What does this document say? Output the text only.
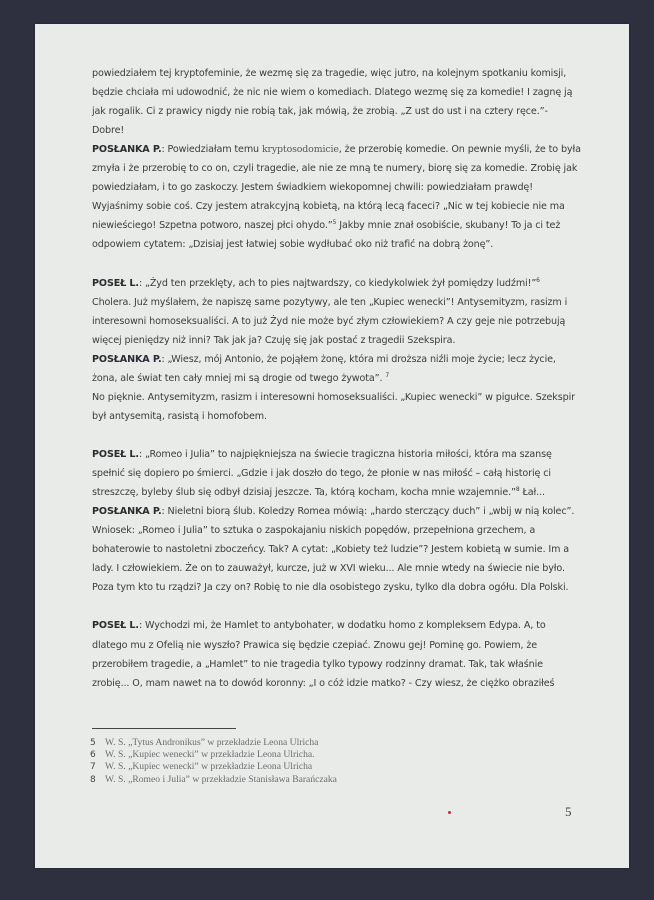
powiedziałem tej kryptofeminie, że wezmę się za tragedie, więc jutro, na kolejnym spotkaniu komisji,
będzie chciała mi udowodnić, że nic nie wiem o komediach. Dlatego wezmę się za komedie! I zagnę ją
jak rogalik. Ci z prawicy nigdy nie robią tak, jak mówią, że zrobią. „Z ust do ust i na cztery ręce.”-
Dobre!
POSŁANKA P.: Powiedziałam temu kryptosodomicie, że przerobię komedie. On pewnie myśli, że to była
zmyła i że przerobię to co on, czyli tragedie, ale nie ze mną te numery, biorę się za komedie. Zrobię jak
powiedziałam, i to go zaskoczy. Jestem świadkiem wiekopomnej chwili: powiedziałam prawdę!
Wyjaśnimy sobie coś. Czy jestem atrakcyjną kobietą, na którą lecą faceci? „Nic w tej kobiecie nie ma
niewieściego! Szpetna potworo, naszej płci ohydo.”$^5$ Jakby mnie znał osobiście, skubany! To ja ci też
odpowiem cytatem: „Dzisiaj jest łatwiej sobie wydłubać oko niż trafić na dobrą żonę”.
POSEŁ L.: „Żyd ten przeklęty, ach to pies najtwardszy, co kiedykolwiek żył pomiędzy ludźmi!”$^6$
Cholera. Już myślałem, że napiszę same pozytywy, ale ten „Kupiec wenecki”! Antysemityzm, rasizm i
interesowni homoseksualiści. A to już Żyd nie może być złym człowiekiem? A czy geje nie potrzebują
więcej pieniędzy niż inni? Tak jak ja? Czuję się jak postać z tragedii Szekspira.
POSŁANKA P.: „Wiesz, mój Antonio, że pojąłem żonę, która mi droższa niźli moje życie; lecz życie,
żona, ale świat ten cały mniej mi są drogie od twego żywota”. $^7$
No pięknie. Antysemityzm, rasizm i interesowni homoseksualiści. „Kupiec wenecki” w pigułce. Szekspir
był antysemitą, rasistą i homofobem.
POSEŁ L.: „Romeo i Julia” to najpiękniejsza na świecie tragiczna historia miłości, która ma szansę
spełnić się dopiero po śmierci. „Gdzie i jak doszło do tego, że płonie w nas miłość – całą historię ci
streszczę, byleby ślub się odbył dzisiaj jeszcze. Ta, którą kocham, kocha mnie wzajemnie.”$^8$ Łał...
POSŁANKA P.: Nieletni biorą ślub. Koledzy Romea mówią: „hardo sterczący duch” i „wbij w nią kolec”.
Wniosek: „Romeo i Julia” to sztuka o zaspokajaniu niskich popędów, przepełniona grzechem, a
bohaterowie to nastoletni zboczeńcy. Tak? A cytat: „Kobiety też ludzie”? Jestem kobietą w sumie. Im a
lady. I człowiekiem. Że on to zauważył, kurcze, już w XVI wieku... Ale mnie wtedy na świecie nie było.
Poza tym kto tu rządzi? Ja czy on? Robię to nie dla osobistego zysku, tylko dla dobra ogółu. Dla Polski.
POSEŁ L.: Wychodzi mi, że Hamlet to antybohater, w dodatku homo z kompleksem Edypa. A, to
dlatego mu z Ofelią nie wyszło? Prawica się będzie czepiać. Znowu gej! Pominę go. Powiem, że
przerobiłem tragedie, a „Hamlet” to nie tragedia tylko typowy rodzinny dramat. Tak, tak właśnie
zrobię... O, mam nawet na to dowód koronny: „I o cóż idzie matko? - Czy wiesz, że ciężko obraziłeś
5 W. S. „Tytus Andronikus” w przekładzie Leona Ulricha
6 W. S. „Kupiec wenecki” w przekładzie Leona Ulricha.
7 W. S. „Kupiec wenecki” w przekładzie Leona Ulricha
8 W. S. „Romeo i Julia” w przekładzie Stanisława Barańczaka
5
